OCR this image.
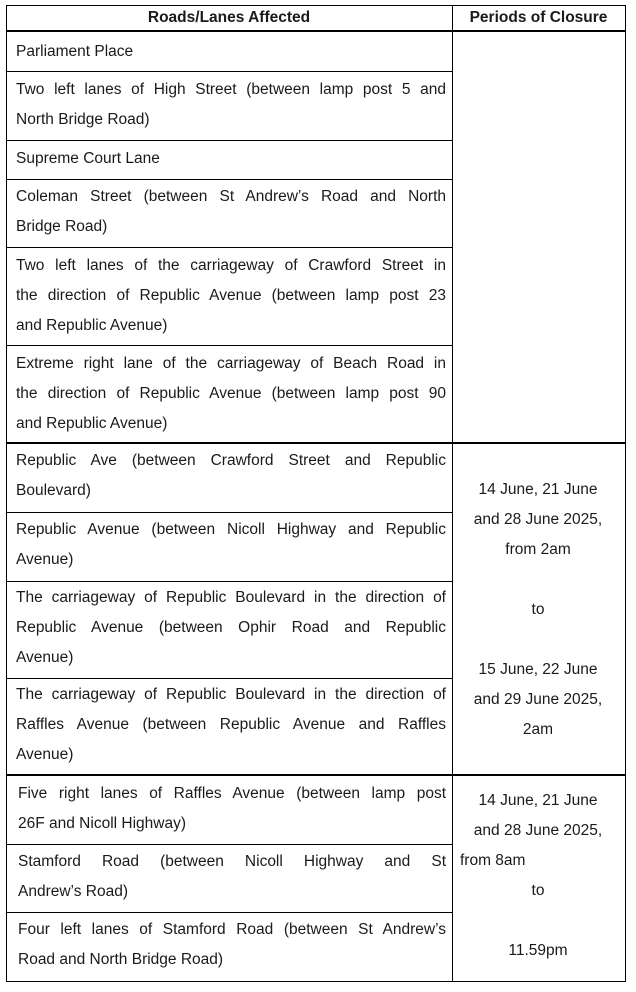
Roads/Lanes Affected	Periods of Closure
Parliament Place
Two left lanes of High Street (between lamp post 5 and
North Bridge Road)
Supreme Court Lane
Coleman Street (between St Andrew’s Road and North
Bridge Road)
Two left lanes of the carriageway of Crawford Street in
the direction of Republic Avenue (between lamp post 23
and Republic Avenue)
Extreme right lane of the carriageway of Beach Road in
the direction of Republic Avenue (between lamp post 90
and Republic Avenue)
Republic Ave (between Crawford Street and Republic
Boulevard)
Republic Avenue (between Nicoll Highway and Republic
Avenue)
The carriageway of Republic Boulevard in the direction of
Republic Avenue (between Ophir Road and Republic
Avenue)
The carriageway of Republic Boulevard in the direction of
Raffles Avenue (between Republic Avenue and Raffles
Avenue)
Five right lanes of Raffles Avenue (between lamp post
26F and Nicoll Highway)
Stamford Road (between Nicoll Highway and St
Andrew’s Road)
Four left lanes of Stamford Road (between St Andrew’s
Road and North Bridge Road)
14 June, 21 June
and 28 June 2025,
from 2am

to

15 June, 22 June
and 29 June 2025,
2am
14 June, 21 June
and 28 June 2025,
from 8am
to

11.59pm
